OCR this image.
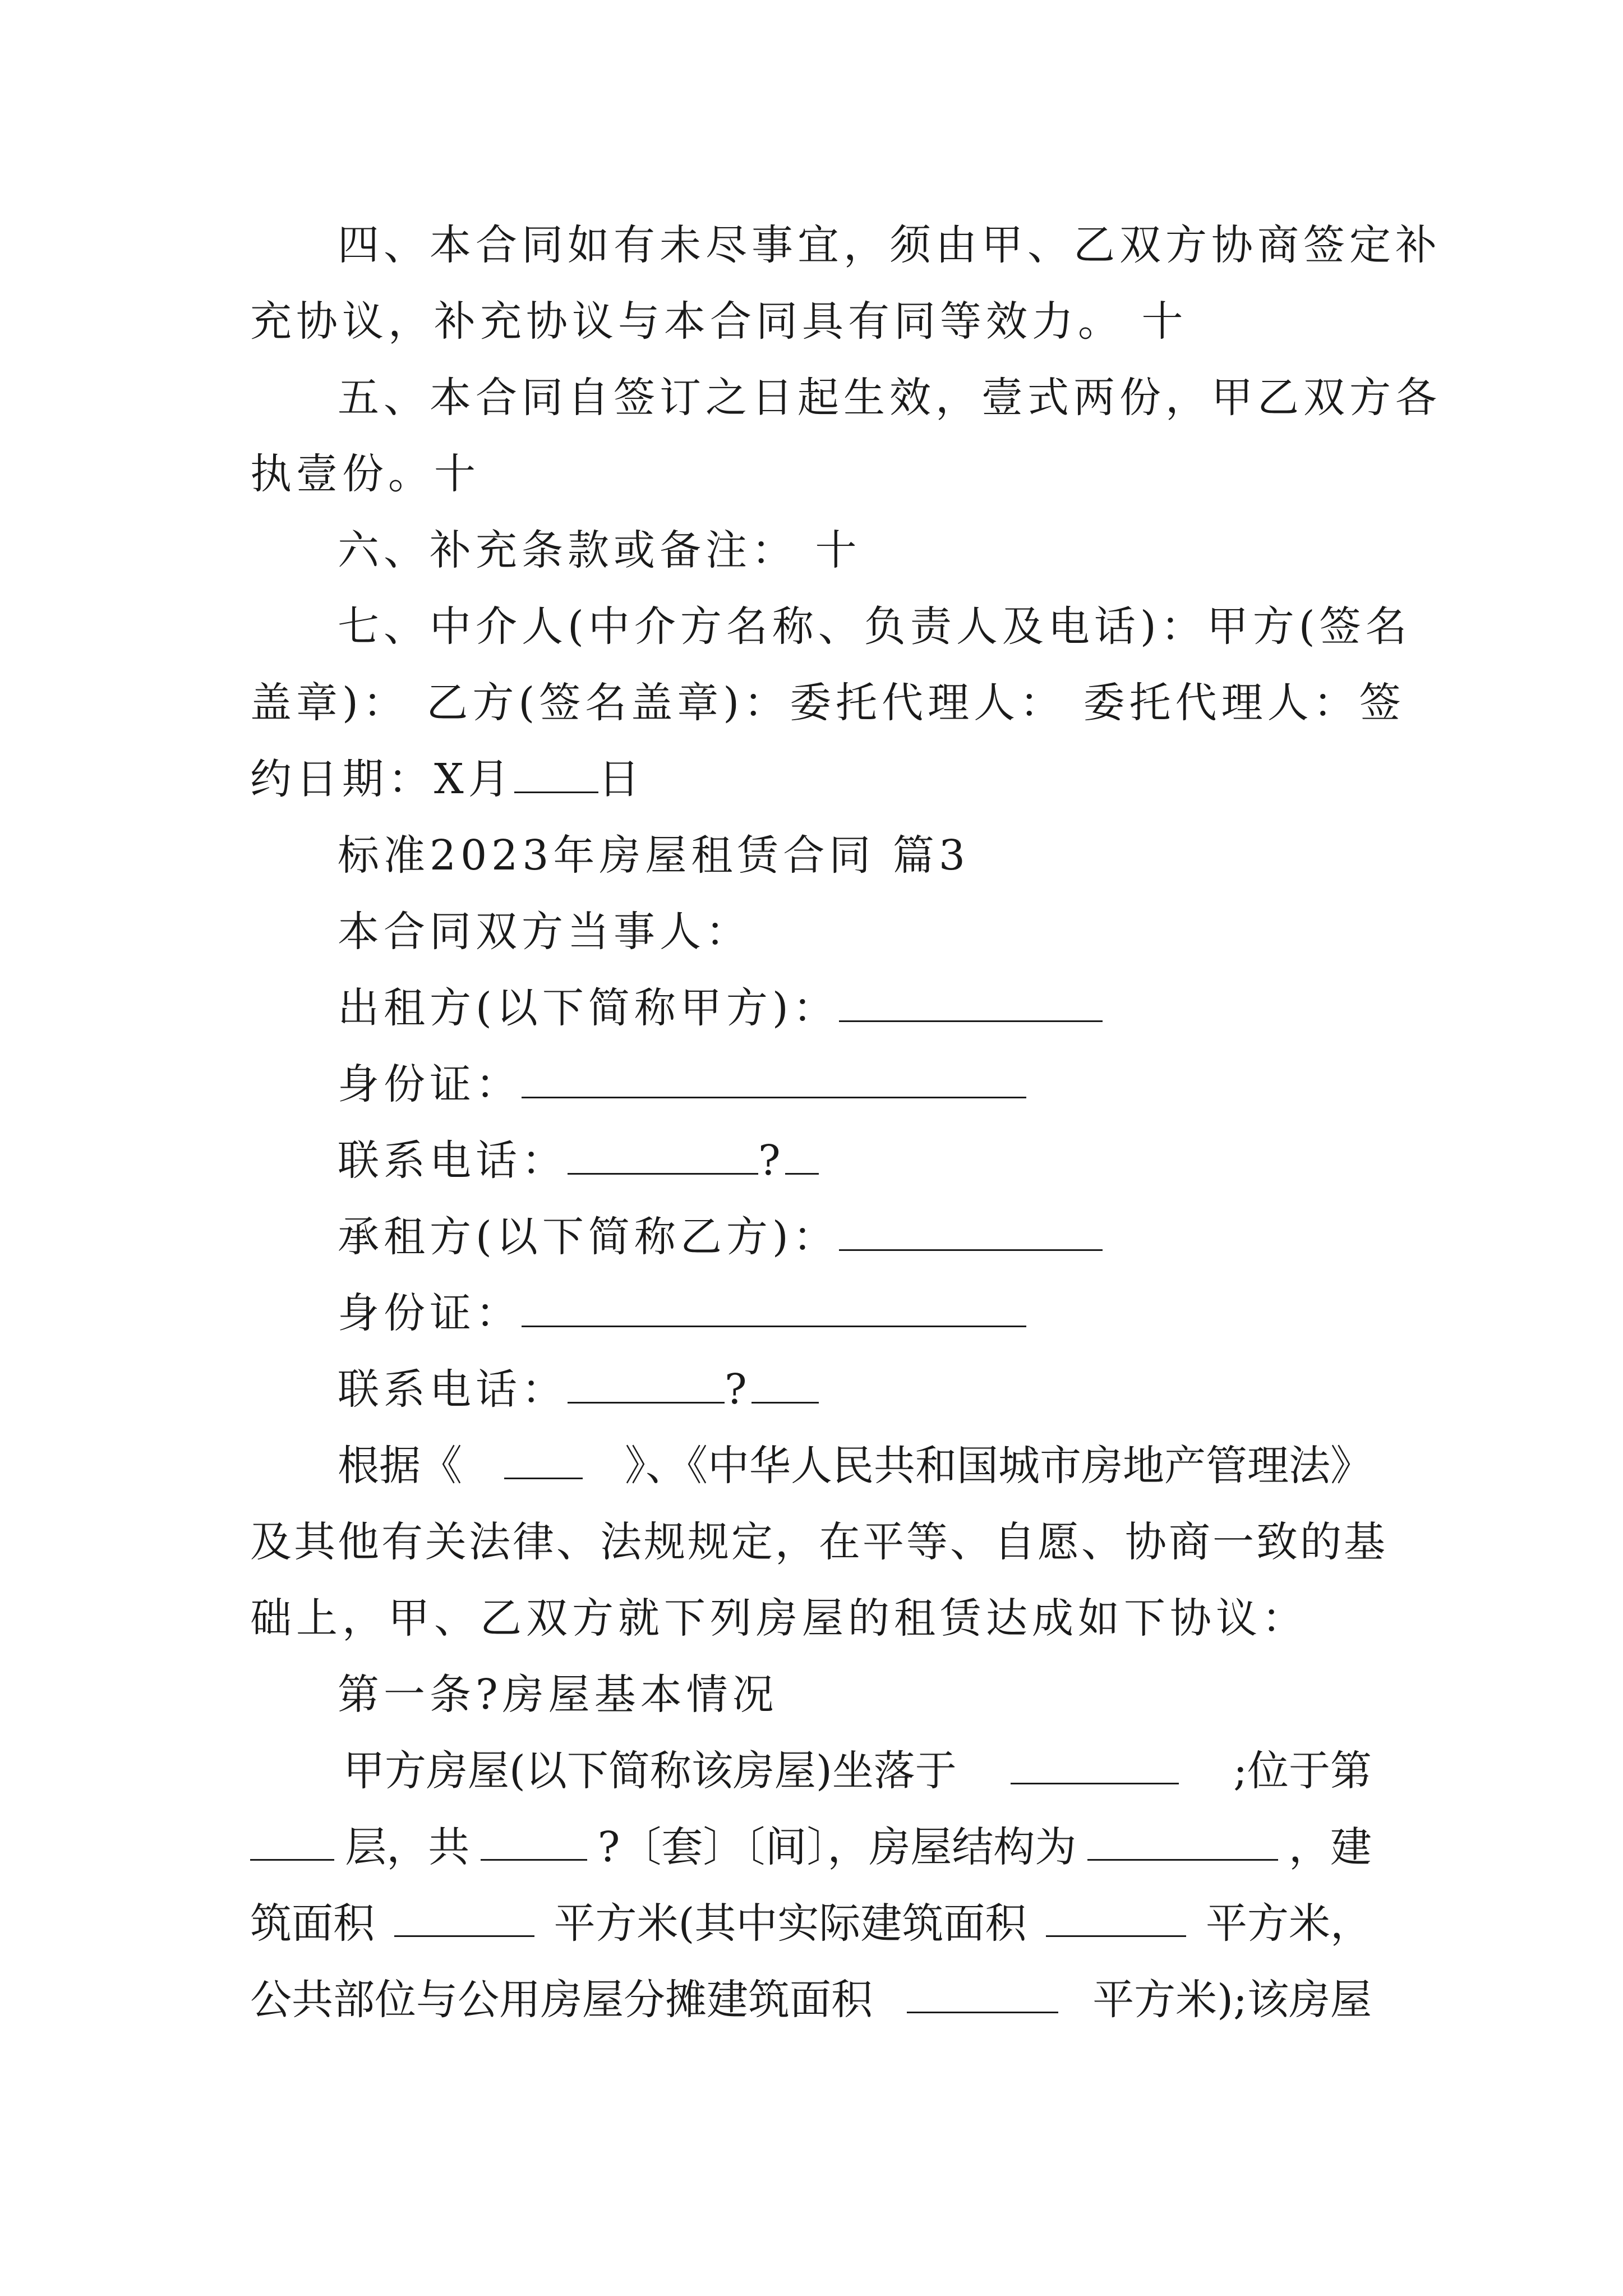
四、本合同如有未尽事宜，须由甲、乙双方协商签定补
充协议，补充协议与本合同具有同等效力。 十
五、本合同自签订之日起生效，壹式两份，甲乙双方各
执壹份。十
六、补充条款或备注： 十
七、中介人(中介方名称、负责人及电话)：甲方(签名
盖章)： 乙方(签名盖章)：委托代理人： 委托代理人：签
约日期：X月 日
标准2023年房屋租赁合同 篇3
本合同双方当事人：
出租方(以下简称甲方)：
身份证：
联系电话：	?
承租方(以下简称乙方)：
身份证：
联系电话：	?
根据《	》、《中华人民共和国城市房地产管理法》
及其他有关法律、法规规定，在平等、自愿、协商一致的基
础上，甲、乙双方就下列房屋的租赁达成如下协议：
第一条?房屋基本情况
甲方房屋(以下简称该房屋)坐落于	;位于第
层，共	?〔套〕〔间〕，房屋结构为	，建
筑面积	平方米(其中实际建筑面积	平方米，
公共部位与公用房屋分摊建筑面积	平方米);该房屋
